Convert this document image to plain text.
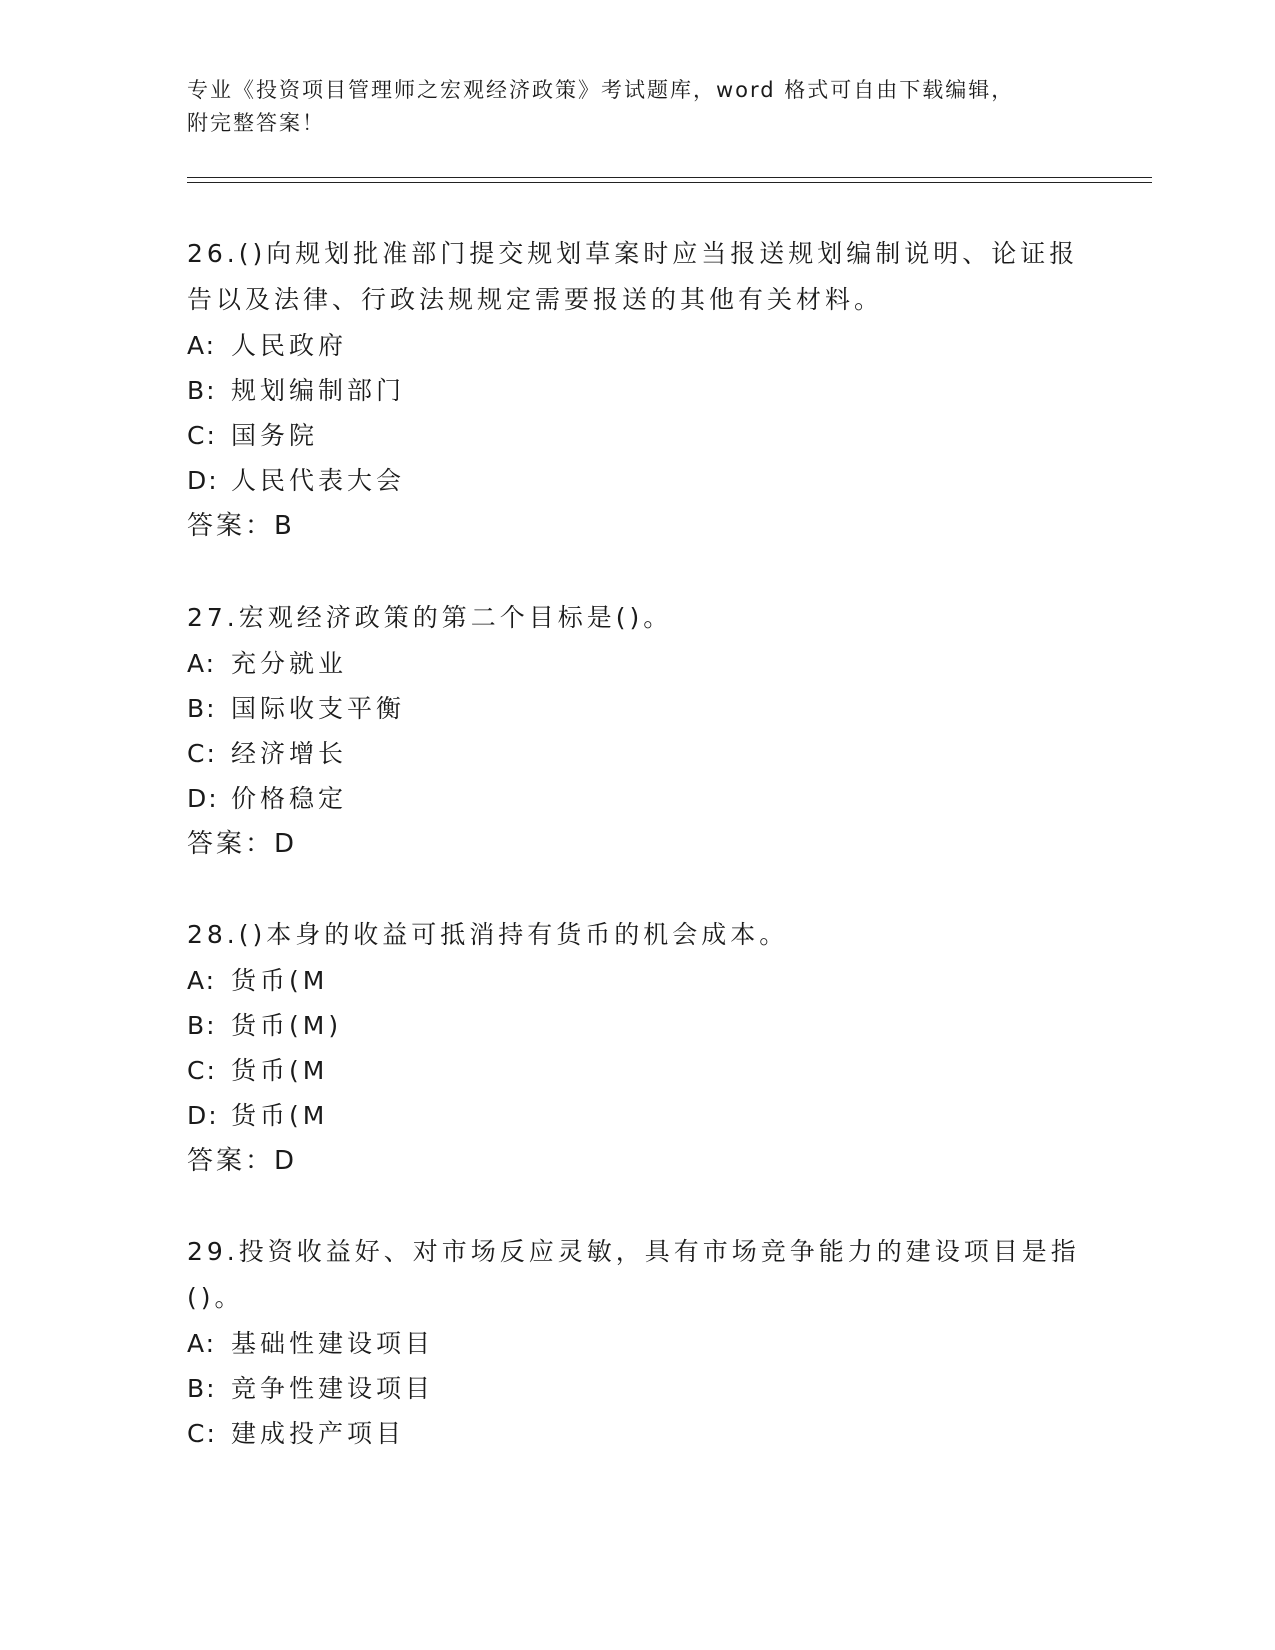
专业《投资项目管理师之宏观经济政策》考试题库，word 格式可自由下载编辑，
附完整答案！
26.()向规划批准部门提交规划草案时应当报送规划编制说明、论证报
告以及法律、行政法规规定需要报送的其他有关材料。
A: 人民政府
B: 规划编制部门
C: 国务院
D: 人民代表大会
答案：B
27.宏观经济政策的第二个目标是()。
A: 充分就业
B: 国际收支平衡
C: 经济增长
D: 价格稳定
答案：D
28.()本身的收益可抵消持有货币的机会成本。
A: 货币(M
B: 货币(M)
C: 货币(M
D: 货币(M
答案：D
29.投资收益好、对市场反应灵敏，具有市场竞争能力的建设项目是指
()。
A: 基础性建设项目
B: 竞争性建设项目
C: 建成投产项目
